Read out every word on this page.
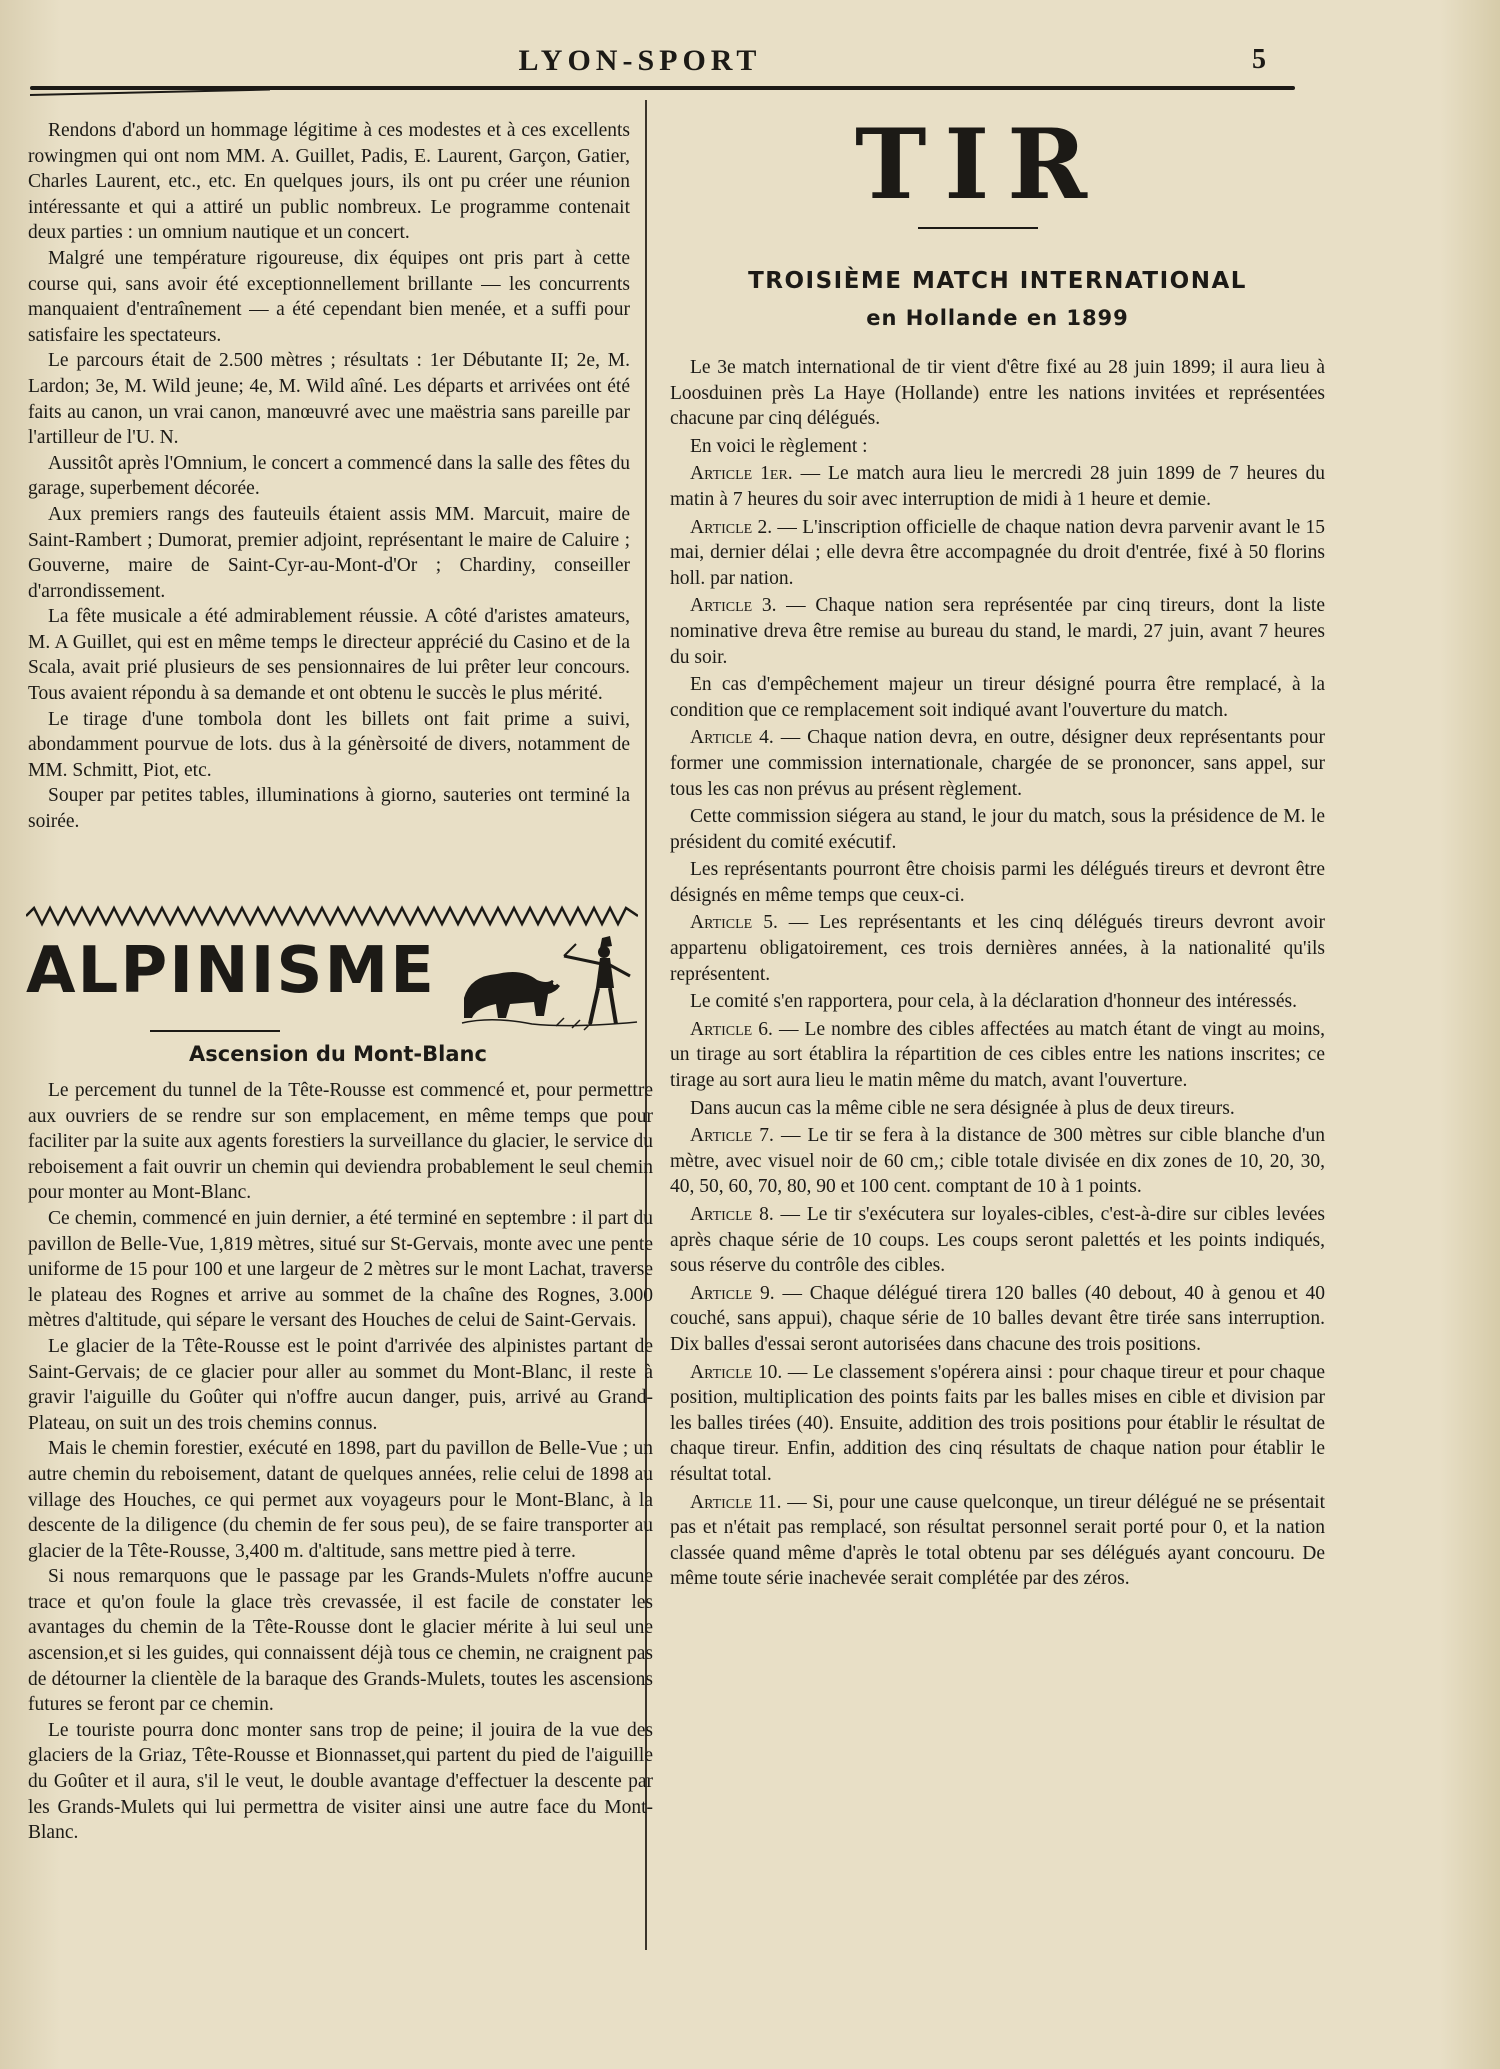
LYON-SPORT	5

Rendons d'abord un hommage légitime à ces modestes et à ces excellents rowingmen qui ont nom MM. A. Guillet, Padis, E. Laurent, Garçon, Gatier, Charles Laurent, etc., etc. En quelques jours, ils ont pu créer une réunion intéressante et qui a attiré un public nombreux. Le programme contenait deux parties : un omnium nautique et un concert.

Malgré une température rigoureuse, dix équipes ont pris part à cette course qui, sans avoir été exceptionnellement brillante — les concurrents manquaient d'entraînement — a été cependant bien menée, et a suffi pour satisfaire les spectateurs.

Le parcours était de 2.500 mètres ; résultats : 1er Débutante II; 2e, M. Lardon; 3e, M. Wild jeune; 4e, M. Wild aîné. Les départs et arrivées ont été faits au canon, un vrai canon, manœuvré avec une maëstria sans pareille par l'artilleur de l'U. N.

Aussitôt après l'Omnium, le concert a commencé dans la salle des fêtes du garage, superbement décorée.

Aux premiers rangs des fauteuils étaient assis MM. Marcuit, maire de Saint-Rambert ; Dumorat, premier adjoint, représentant le maire de Caluire ; Gouverne, maire de Saint-Cyr-au-Mont-d'Or ; Chardiny, conseiller d'arrondissement.

La fête musicale a été admirablement réussie. A côté d'aristes amateurs, M. A Guillet, qui est en même temps le directeur apprécié du Casino et de la Scala, avait prié plusieurs de ses pensionnaires de lui prêter leur concours. Tous avaient répondu à sa demande et ont obtenu le succès le plus mérité.

Le tirage d'une tombola dont les billets ont fait prime a suivi, abondamment pourvue de lots. dus à la génèrsoité de divers, notamment de MM. Schmitt, Piot, etc.

Souper par petites tables, illuminations à giorno, sauteries ont terminé la soirée.

ALPINISME
Ascension du Mont-Blanc

Le percement du tunnel de la Tête-Rousse est commencé et, pour permettre aux ouvriers de se rendre sur son emplacement, en même temps que pour faciliter par la suite aux agents forestiers la surveillance du glacier, le service du reboisement a fait ouvrir un chemin qui deviendra probablement le seul chemin pour monter au Mont-Blanc.

Ce chemin, commencé en juin dernier, a été terminé en septembre : il part du pavillon de Belle-Vue, 1,819 mètres, situé sur St-Gervais, monte avec une pente uniforme de 15 pour 100 et une largeur de 2 mètres sur le mont Lachat, traverse le plateau des Rognes et arrive au sommet de la chaîne des Rognes, 3.000 mètres d'altitude, qui sépare le versant des Houches de celui de Saint-Gervais.

Le glacier de la Tête-Rousse est le point d'arrivée des alpinistes partant de Saint-Gervais; de ce glacier pour aller au sommet du Mont-Blanc, il reste à gravir l'aiguille du Goûter qui n'offre aucun danger, puis, arrivé au Grand-Plateau, on suit un des trois chemins connus.

Mais le chemin forestier, exécuté en 1898, part du pavillon de Belle-Vue ; un autre chemin du reboisement, datant de quelques années, relie celui de 1898 au village des Houches, ce qui permet aux voyageurs pour le Mont-Blanc, à la descente de la diligence (du chemin de fer sous peu), de se faire transporter au glacier de la Tête-Rousse, 3,400 m. d'altitude, sans mettre pied à terre.

Si nous remarquons que le passage par les Grands-Mulets n'offre aucune trace et qu'on foule la glace très crevassée, il est facile de constater les avantages du chemin de la Tête-Rousse dont le glacier mérite à lui seul une ascension,et si les guides, qui connaissent déjà tous ce chemin, ne craignent pas de détourner la clientèle de la baraque des Grands-Mulets, toutes les ascensions futures se feront par ce chemin.

Le touriste pourra donc monter sans trop de peine; il jouira de la vue des glaciers de la Griaz, Tête-Rousse et Bionnasset,qui partent du pied de l'aiguille du Goûter et il aura, s'il le veut, le double avantage d'effectuer la descente par les Grands-Mulets qui lui permettra de visiter ainsi une autre face du Mont-Blanc.

TIR
TROISIÈME MATCH INTERNATIONAL
en Hollande en 1899

Le 3e match international de tir vient d'être fixé au 28 juin 1899; il aura lieu à Loosduinen près La Haye (Hollande) entre les nations invitées et représentées chacune par cinq délégués.

En voici le règlement :

Article 1er. — Le match aura lieu le mercredi 28 juin 1899 de 7 heures du matin à 7 heures du soir avec interruption de midi à 1 heure et demie.

Article 2. — L'inscription officielle de chaque nation devra parvenir avant le 15 mai, dernier délai ; elle devra être accompagnée du droit d'entrée, fixé à 50 florins holl. par nation.

Article 3. — Chaque nation sera représentée par cinq tireurs, dont la liste nominative dreva être remise au bureau du stand, le mardi, 27 juin, avant 7 heures du soir.

En cas d'empêchement majeur un tireur désigné pourra être remplacé, à la condition que ce remplacement soit indiqué avant l'ouverture du match.

Article 4. — Chaque nation devra, en outre, désigner deux représentants pour former une commission internationale, chargée de se prononcer, sans appel, sur tous les cas non prévus au présent règlement.

Cette commission siégera au stand, le jour du match, sous la présidence de M. le président du comité exécutif.

Les représentants pourront être choisis parmi les délégués tireurs et devront être désignés en même temps que ceux-ci.

Article 5. — Les représentants et les cinq délégués tireurs devront avoir appartenu obligatoirement, ces trois dernières années, à la nationalité qu'ils représentent.

Le comité s'en rapportera, pour cela, à la déclaration d'honneur des intéressés.

Article 6. — Le nombre des cibles affectées au match étant de vingt au moins, un tirage au sort établira la répartition de ces cibles entre les nations inscrites; ce tirage au sort aura lieu le matin même du match, avant l'ouverture.

Dans aucun cas la même cible ne sera désignée à plus de deux tireurs.

Article 7. — Le tir se fera à la distance de 300 mètres sur cible blanche d'un mètre, avec visuel noir de 60 cm,; cible totale divisée en dix zones de 10, 20, 30, 40, 50, 60, 70, 80, 90 et 100 cent. comptant de 10 à 1 points.

Article 8. — Le tir s'exécutera sur loyales-cibles, c'est-à-dire sur cibles levées après chaque série de 10 coups. Les coups seront palettés et les points indiqués, sous réserve du contrôle des cibles.

Article 9. — Chaque délégué tirera 120 balles (40 debout, 40 à genou et 40 couché, sans appui), chaque série de 10 balles devant être tirée sans interruption. Dix balles d'essai seront autorisées dans chacune des trois positions.

Article 10. — Le classement s'opérera ainsi : pour chaque tireur et pour chaque position, multiplication des points faits par les balles mises en cible et division par les balles tirées (40). Ensuite, addition des trois positions pour établir le résultat de chaque tireur. Enfin, addition des cinq résultats de chaque nation pour établir le résultat total.

Article 11. — Si, pour une cause quelconque, un tireur délégué ne se présentait pas et n'était pas remplacé, son résultat personnel serait porté pour 0, et la nation classée quand même d'après le total obtenu par ses délégués ayant concouru. De même toute série inachevée serait complétée par des zéros.
